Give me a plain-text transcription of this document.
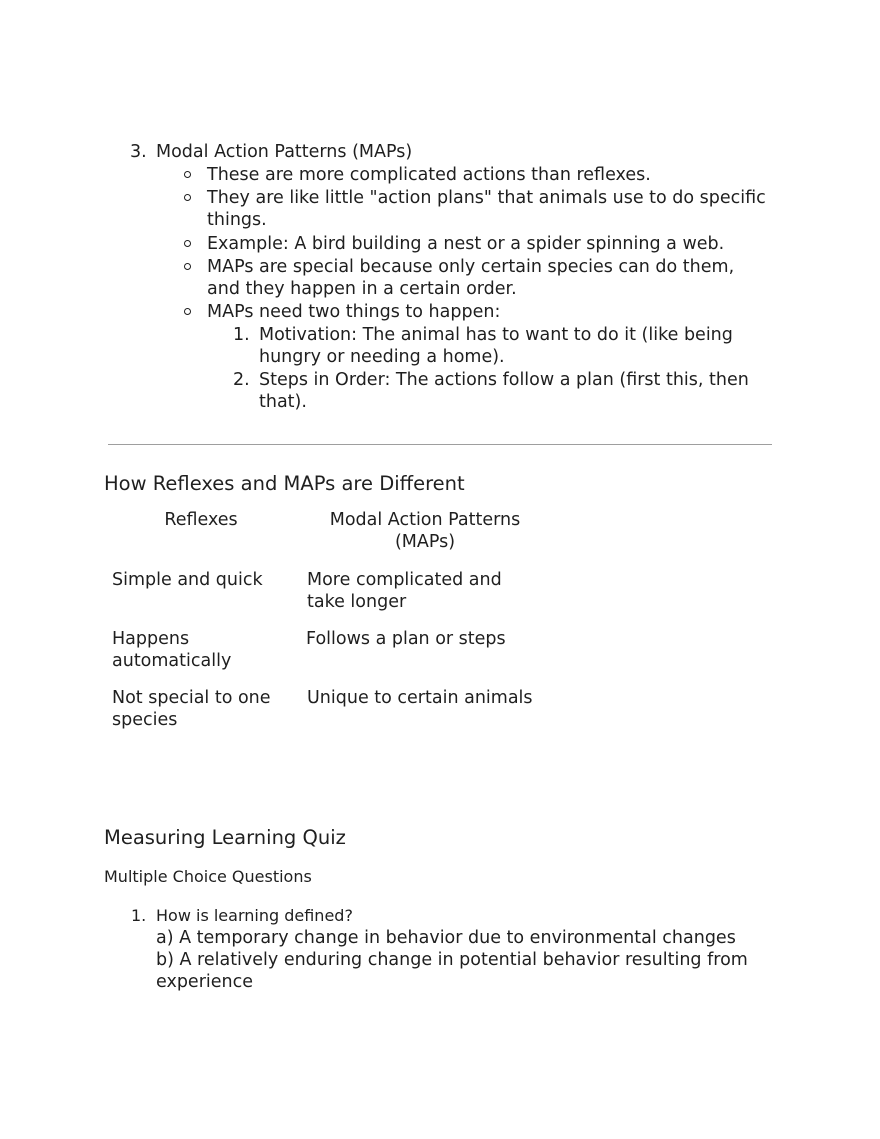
3. Modal Action Patterns (MAPs)
These are more complicated actions than reflexes.
They are like little "action plans" that animals use to do specific
things.
Example: A bird building a nest or a spider spinning a web.
MAPs are special because only certain species can do them,
and they happen in a certain order.
MAPs need two things to happen:
1. Motivation: The animal has to want to do it (like being
hungry or needing a home).
2. Steps in Order: The actions follow a plan (first this, then
that).
How Reflexes and MAPs are Different
Reflexes	Modal Action Patterns (MAPs)
Simple and quick	More complicated and take longer
Happens automatically
Follows a plan or steps
Not special to one species
Unique to certain animals
Measuring Learning Quiz
Multiple Choice Questions
1. How is learning defined?
a) A temporary change in behavior due to environmental changes
b) A relatively enduring change in potential behavior resulting from
experience
